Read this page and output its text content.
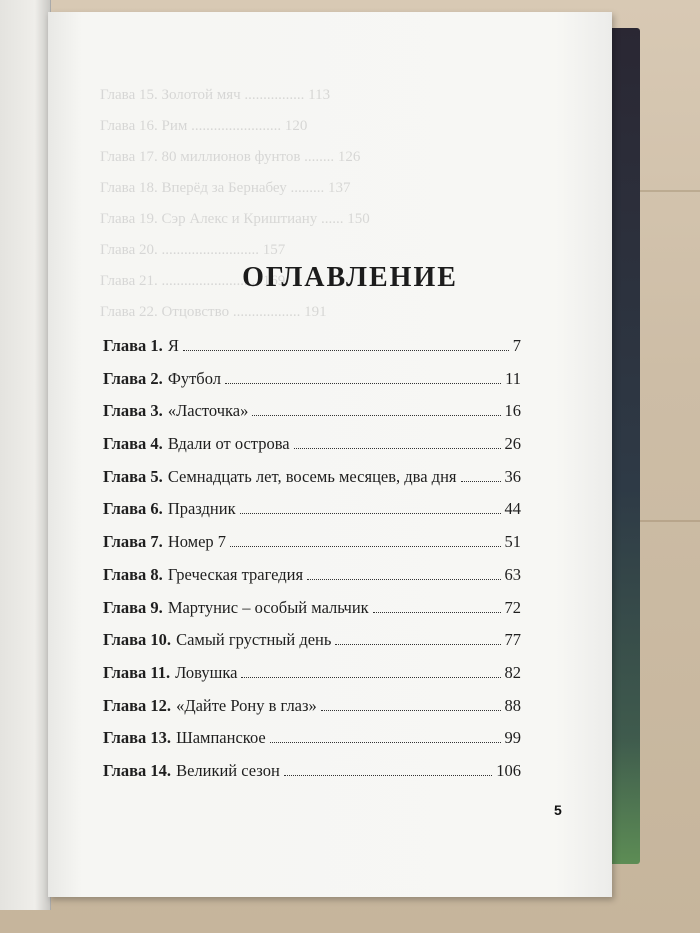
Глава 15. Золотой мяч ................ 113
Глава 16. Рим ........................ 120
Глава 17. 80 миллионов фунтов ........ 126
Глава 18. Вперёд за Бернабеу ......... 137
Глава 19. Сэр Алекс и Криштиану ...... 150
Глава 20. .......................... 157
Глава 21. .......................... 169
Глава 22. Отцовство .................. 191
ОГЛАВЛЕНИЕ
Глава 1. Я	7
Глава 2. Футбол	11
Глава 3. «Ласточка»	16
Глава 4. Вдали от острова	26
Глава 5. Семнадцать лет, восемь месяцев, два дня	36
Глава 6. Праздник	44
Глава 7. Номер 7	51
Глава 8. Греческая трагедия	63
Глава 9. Мартунис – особый мальчик	72
Глава 10. Самый грустный день	77
Глава 11. Ловушка	82
Глава 12. «Дайте Рону в глаз»	88
Глава 13. Шампанское	99
Глава 14. Великий сезон	106
5
